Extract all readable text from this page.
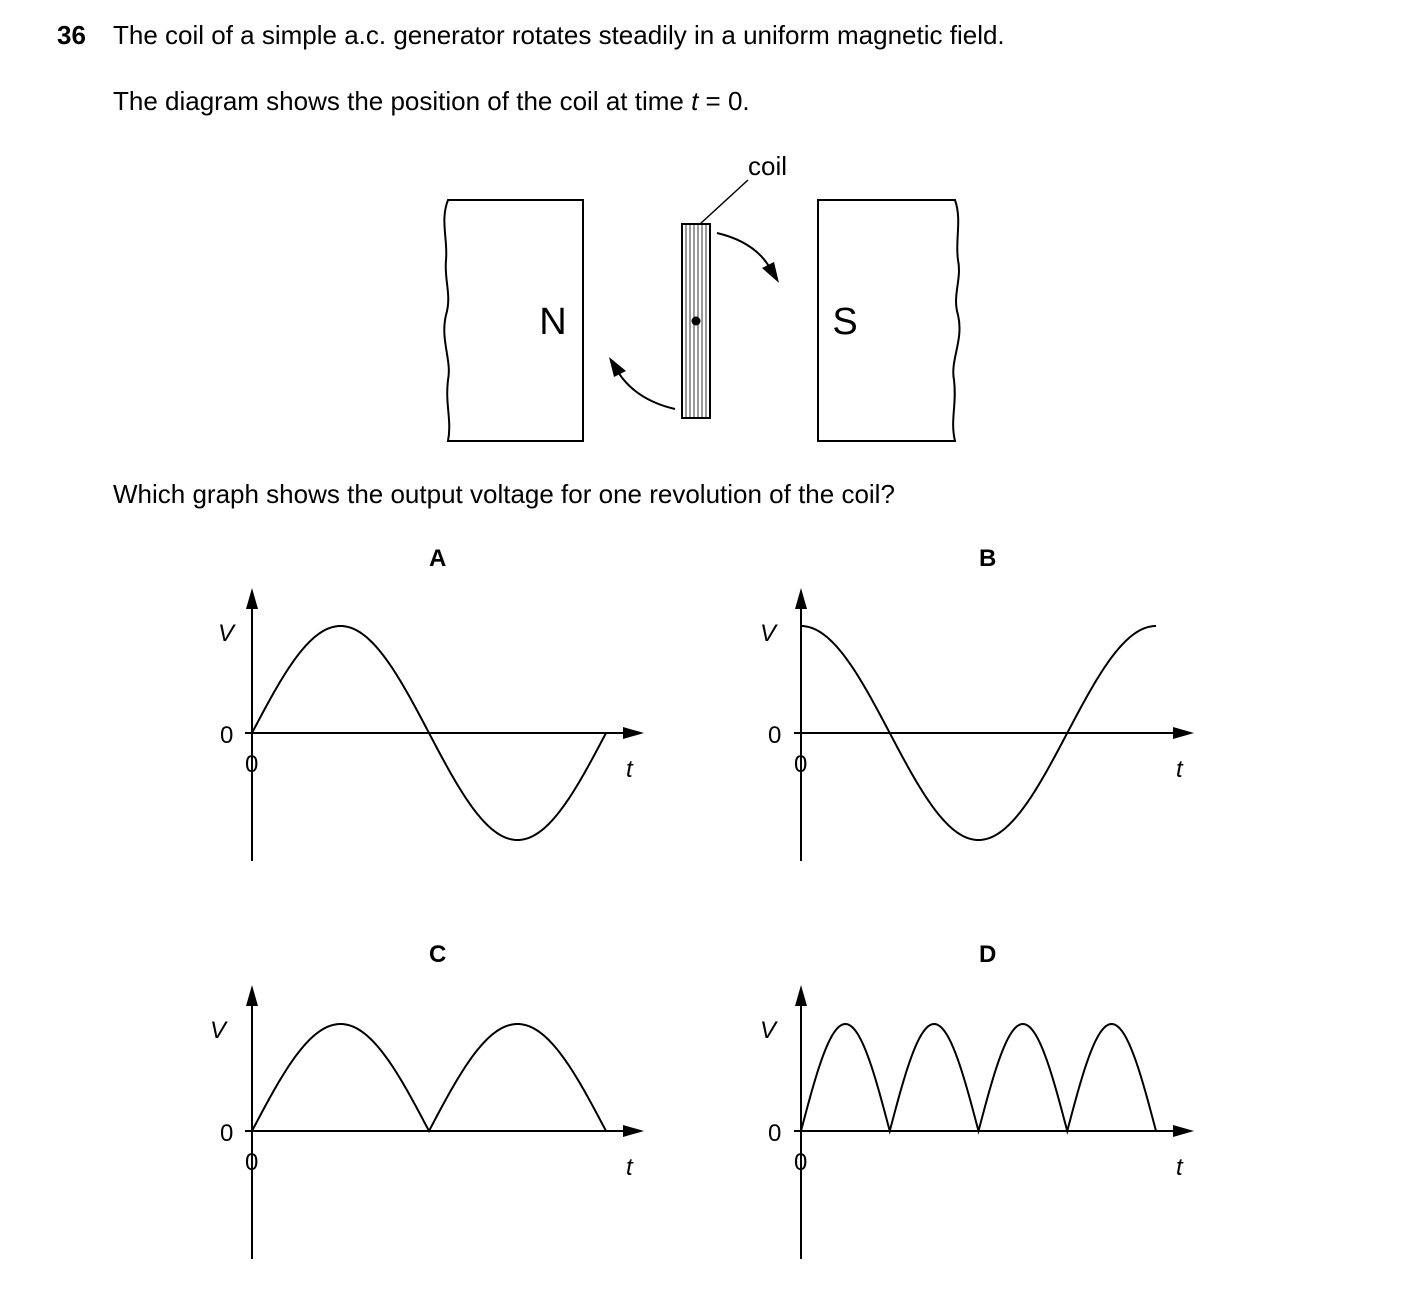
36 The coil of a simple a.c. generator rotates steadily in a uniform magnetic field.
The diagram shows the position of the coil at time t = 0.
Which graph shows the output voltage for one revolution of the coil?
A	B
C	D
N	S
coil
V
0
0	t
V
0
0	t
V
0
0	t
V
0
0	t
